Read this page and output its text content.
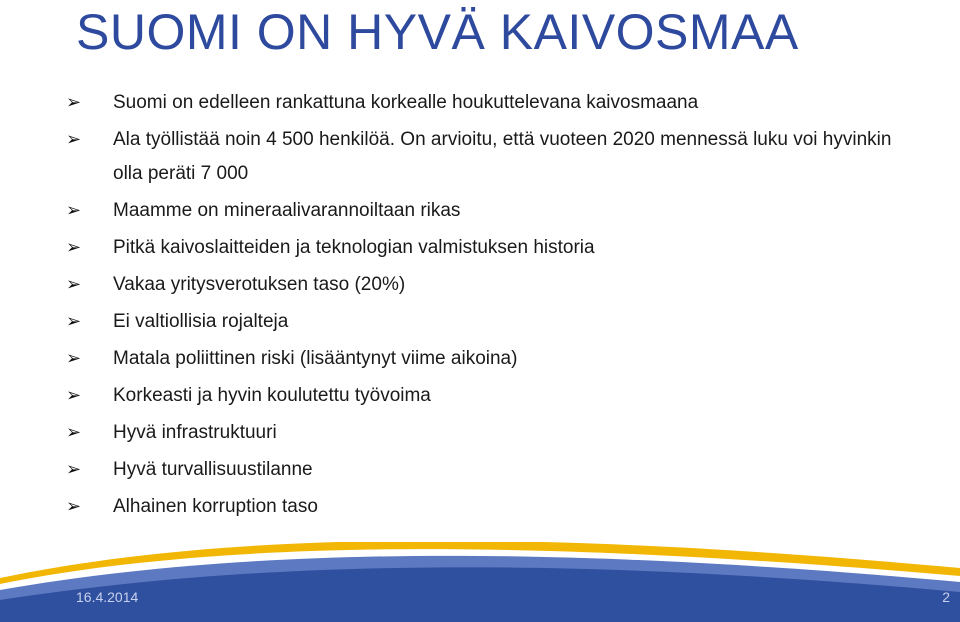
SUOMI ON HYVÄ KAIVOSMAA
➢ Suomi on edelleen rankattuna korkealle houkuttelevana kaivosmaana
➢ Ala työllistää noin 4 500 henkilöä. On arvioitu, että vuoteen 2020 mennessä luku voi hyvinkin olla peräti 7 000
➢ Maamme on mineraalivarannoiltaan rikas
➢ Pitkä kaivoslaitteiden ja teknologian valmistuksen historia
➢ Vakaa yritysverotuksen taso (20%)
➢ Ei valtiollisia rojalteja
➢ Matala poliittinen riski (lisääntynyt viime aikoina)
➢ Korkeasti ja hyvin koulutettu työvoima
➢ Hyvä infrastruktuuri
➢ Hyvä turvallisuustilanne
➢ Alhainen korruption taso
16.4.2014	2
